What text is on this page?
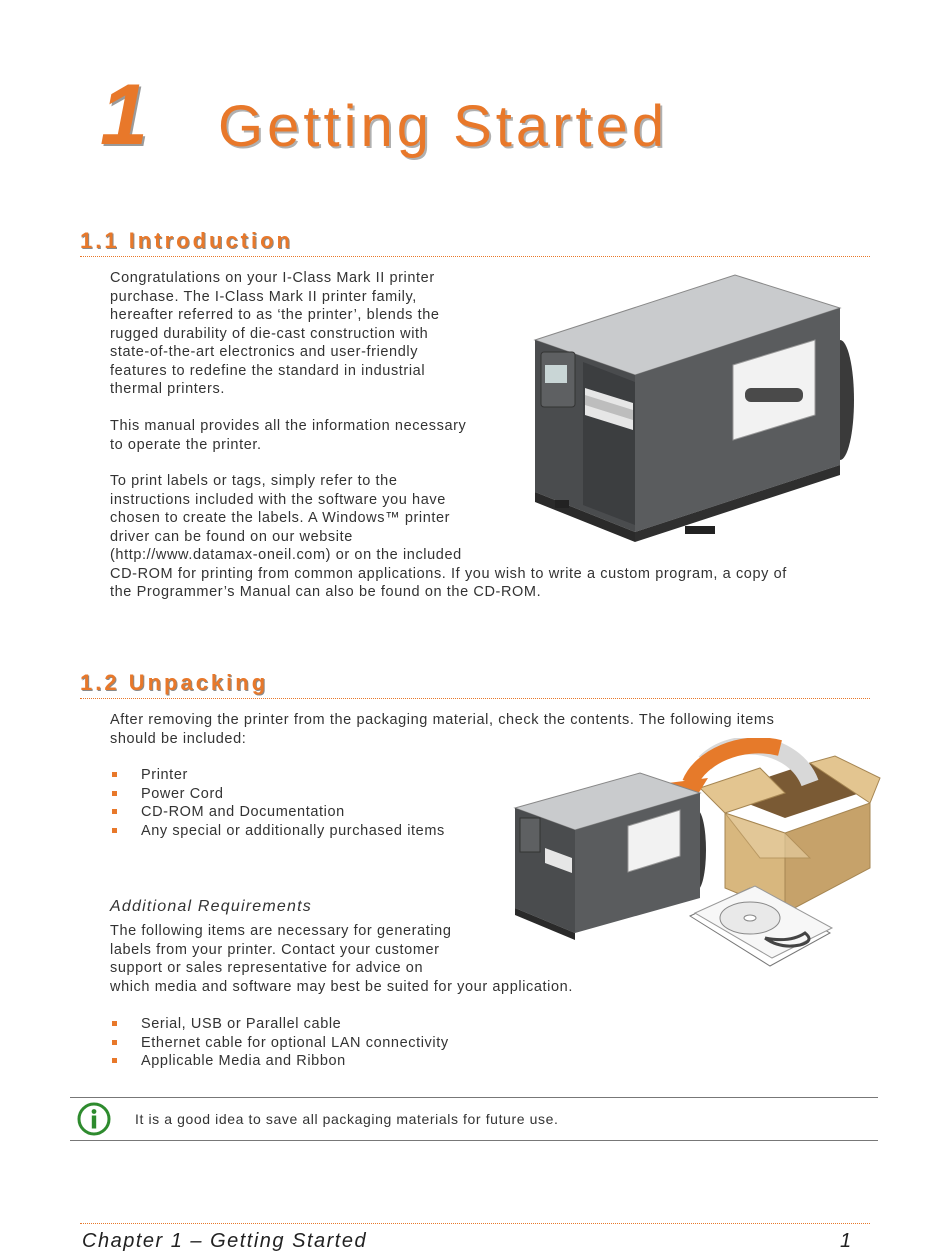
1 Getting Started
1.1 Introduction
Congratulations on your I-Class Mark II printer
purchase. The I-Class Mark II printer family,
hereafter referred to as ‘the printer’, blends the
rugged durability of die-cast construction with
state-of-the-art electronics and user-friendly
features to redefine the standard in industrial
thermal printers.
This manual provides all the information necessary
to operate the printer.
To print labels or tags, simply refer to the
instructions included with the software you have
chosen to create the labels. A Windows™ printer
driver can be found on our website
(http://www.datamax-oneil.com) or on the included
CD-ROM for printing from common applications. If you wish to write a custom program, a copy of
the Programmer’s Manual can also be found on the CD-ROM.
1.2 Unpacking
After removing the printer from the packaging material, check the contents. The following items
should be included:
Printer
Power Cord
CD-ROM and Documentation
Any special or additionally purchased items
Additional Requirements
The following items are necessary for generating
labels from your printer. Contact your customer
support or sales representative for advice on
which media and software may best be suited for your application.
Serial, USB or Parallel cable
Ethernet cable for optional LAN connectivity
Applicable Media and Ribbon
It is a good idea to save all packaging materials for future use.
Chapter 1 – Getting Started	1
